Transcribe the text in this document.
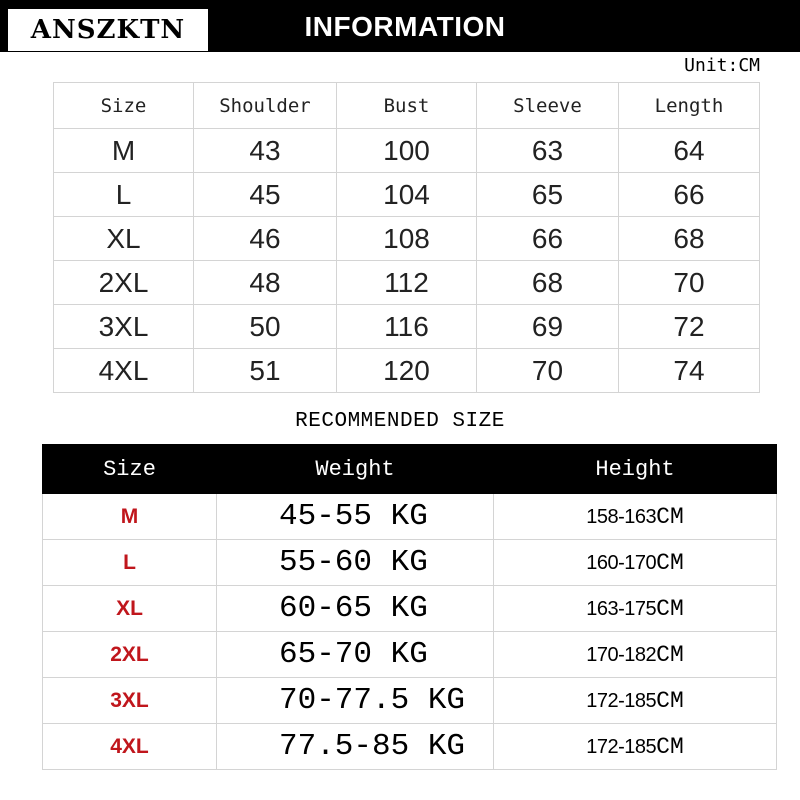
ANSZKTN	INFORMATION
Unit:CM
Size	Shoulder	Bust	Sleeve	Length
M	43	100	63	64
L	45	104	65	66
XL	46	108	66	68
2XL	48	112	68	70
3XL	50	116	69	72
4XL	51	120	70	74
RECOMMENDED SIZE
Size	Weight	Height
M	45-55 KG	158-163CM
L	55-60 KG	160-170CM
XL	60-65 KG	163-175CM
2XL	65-70 KG	170-182CM
3XL	70-77.5 KG	172-185CM
4XL	77.5-85 KG	172-185CM
